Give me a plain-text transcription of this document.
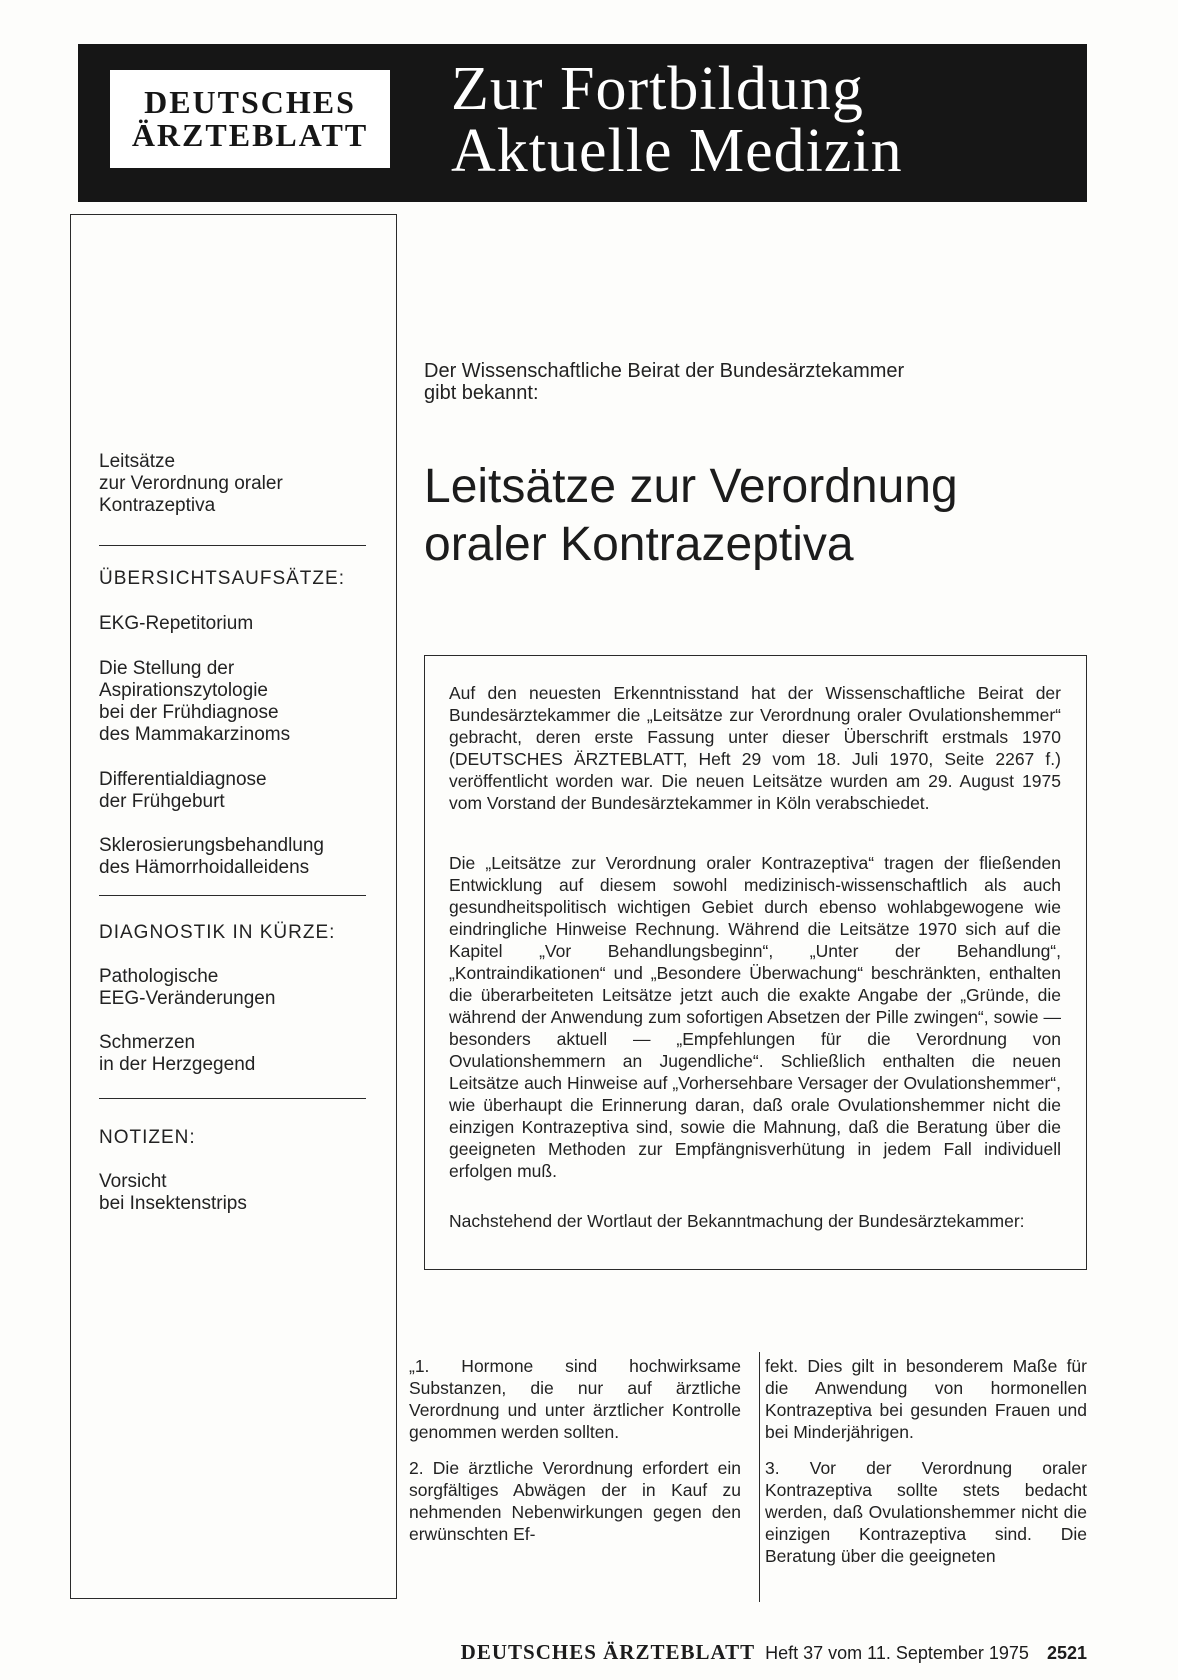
DEUTSCHES
ÄRZTEBLATT
Zur Fortbildung
Aktuelle Medizin
Leitsätze
zur Verordnung oraler
Kontrazeptiva
ÜBERSICHTSAUFSÄTZE:
EKG-Repetitorium
Die Stellung der
Aspirationszytologie
bei der Frühdiagnose
des Mammakarzinoms
Differentialdiagnose
der Frühgeburt
Sklerosierungsbehandlung
des Hämorrhoidalleidens
DIAGNOSTIK IN KÜRZE:
Pathologische
EEG-Veränderungen
Schmerzen
in der Herzgegend
NOTIZEN:
Vorsicht
bei Insektenstrips
Der Wissenschaftliche Beirat der Bundesärztekammer
gibt bekannt:
Leitsätze zur Verordnung
oraler Kontrazeptiva

Auf den neuesten Erkenntnisstand hat der Wissenschaftliche Beirat der Bundesärztekammer die „Leitsätze zur Verordnung oraler Ovulationshemmer“ gebracht, deren erste Fassung unter dieser Überschrift erstmals 1970 (DEUTSCHES ÄRZTEBLATT, Heft 29 vom 18. Juli 1970, Seite 2267 f.) veröffentlicht worden war. Die neuen Leitsätze wurden am 29. August 1975 vom Vorstand der Bundesärztekammer in Köln verabschiedet.

Die „Leitsätze zur Verordnung oraler Kontrazeptiva“ tragen der fließenden Entwicklung auf diesem sowohl medizinisch-wissenschaftlich als auch gesundheitspolitisch wichtigen Gebiet durch ebenso wohlabgewogene wie eindringliche Hinweise Rechnung. Während die Leitsätze 1970 sich auf die Kapitel „Vor Behandlungsbeginn“, „Unter der Behandlung“, „Kontraindikationen“ und „Besondere Überwachung“ beschränkten, enthalten die überarbeiteten Leitsätze jetzt auch die exakte Angabe der „Gründe, die während der Anwendung zum sofortigen Absetzen der Pille zwingen“, sowie — besonders aktuell — „Empfehlungen für die Verordnung von Ovulationshemmern an Jugendliche“. Schließlich enthalten die neuen Leitsätze auch Hinweise auf „Vorhersehbare Versager der Ovulationshemmer“, wie überhaupt die Erinnerung daran, daß orale Ovulationshemmer nicht die einzigen Kontrazeptiva sind, sowie die Mahnung, daß die Beratung über die geeigneten Methoden zur Empfängnisverhütung in jedem Fall individuell erfolgen muß.

Nachstehend der Wortlaut der Bekanntmachung der Bundesärztekammer:

„1. Hormone sind hochwirksame Substanzen, die nur auf ärztliche Verordnung und unter ärztlicher Kontrolle genommen werden sollten.

2. Die ärztliche Verordnung erfordert ein sorgfältiges Abwägen der in Kauf zu nehmenden Nebenwirkungen gegen den erwünschten Ef-

fekt. Dies gilt in besonderem Maße für die Anwendung von hormonellen Kontrazeptiva bei gesunden Frauen und bei Minderjährigen.

3. Vor der Verordnung oraler Kontrazeptiva sollte stets bedacht werden, daß Ovulationshemmer nicht die einzigen Kontrazeptiva sind. Die Beratung über die geeigneten

DEUTSCHES ÄRZTEBLATT Heft 37 vom 11. September 1975 2521
